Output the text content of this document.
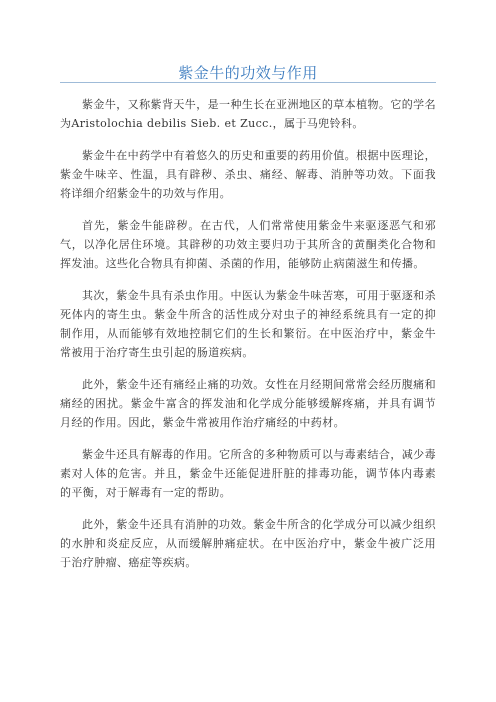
紫金牛的功效与作用

紫金牛，又称紫背天牛，是一种生长在亚洲地区的草本植物。它的学名为Aristolochia debilis Sieb. et Zucc.，属于马兜铃科。

紫金牛在中药学中有着悠久的历史和重要的药用价值。根据中医理论，紫金牛味辛、性温，具有辟秽、杀虫、痛经、解毒、消肿等功效。下面我将详细介绍紫金牛的功效与作用。

首先，紫金牛能辟秽。在古代，人们常常使用紫金牛来驱逐恶气和邪气，以净化居住环境。其辟秽的功效主要归功于其所含的黄酮类化合物和挥发油。这些化合物具有抑菌、杀菌的作用，能够防止病菌滋生和传播。

其次，紫金牛具有杀虫作用。中医认为紫金牛味苦寒，可用于驱逐和杀死体内的寄生虫。紫金牛所含的活性成分对虫子的神经系统具有一定的抑制作用，从而能够有效地控制它们的生长和繁衍。在中医治疗中，紫金牛常被用于治疗寄生虫引起的肠道疾病。

此外，紫金牛还有痛经止痛的功效。女性在月经期间常常会经历腹痛和痛经的困扰。紫金牛富含的挥发油和化学成分能够缓解疼痛，并具有调节月经的作用。因此，紫金牛常被用作治疗痛经的中药材。

紫金牛还具有解毒的作用。它所含的多种物质可以与毒素结合，减少毒素对人体的危害。并且，紫金牛还能促进肝脏的排毒功能，调节体内毒素的平衡，对于解毒有一定的帮助。

此外，紫金牛还具有消肿的功效。紫金牛所含的化学成分可以减少组织的水肿和炎症反应，从而缓解肿痛症状。在中医治疗中，紫金牛被广泛用于治疗肿瘤、癌症等疾病。
